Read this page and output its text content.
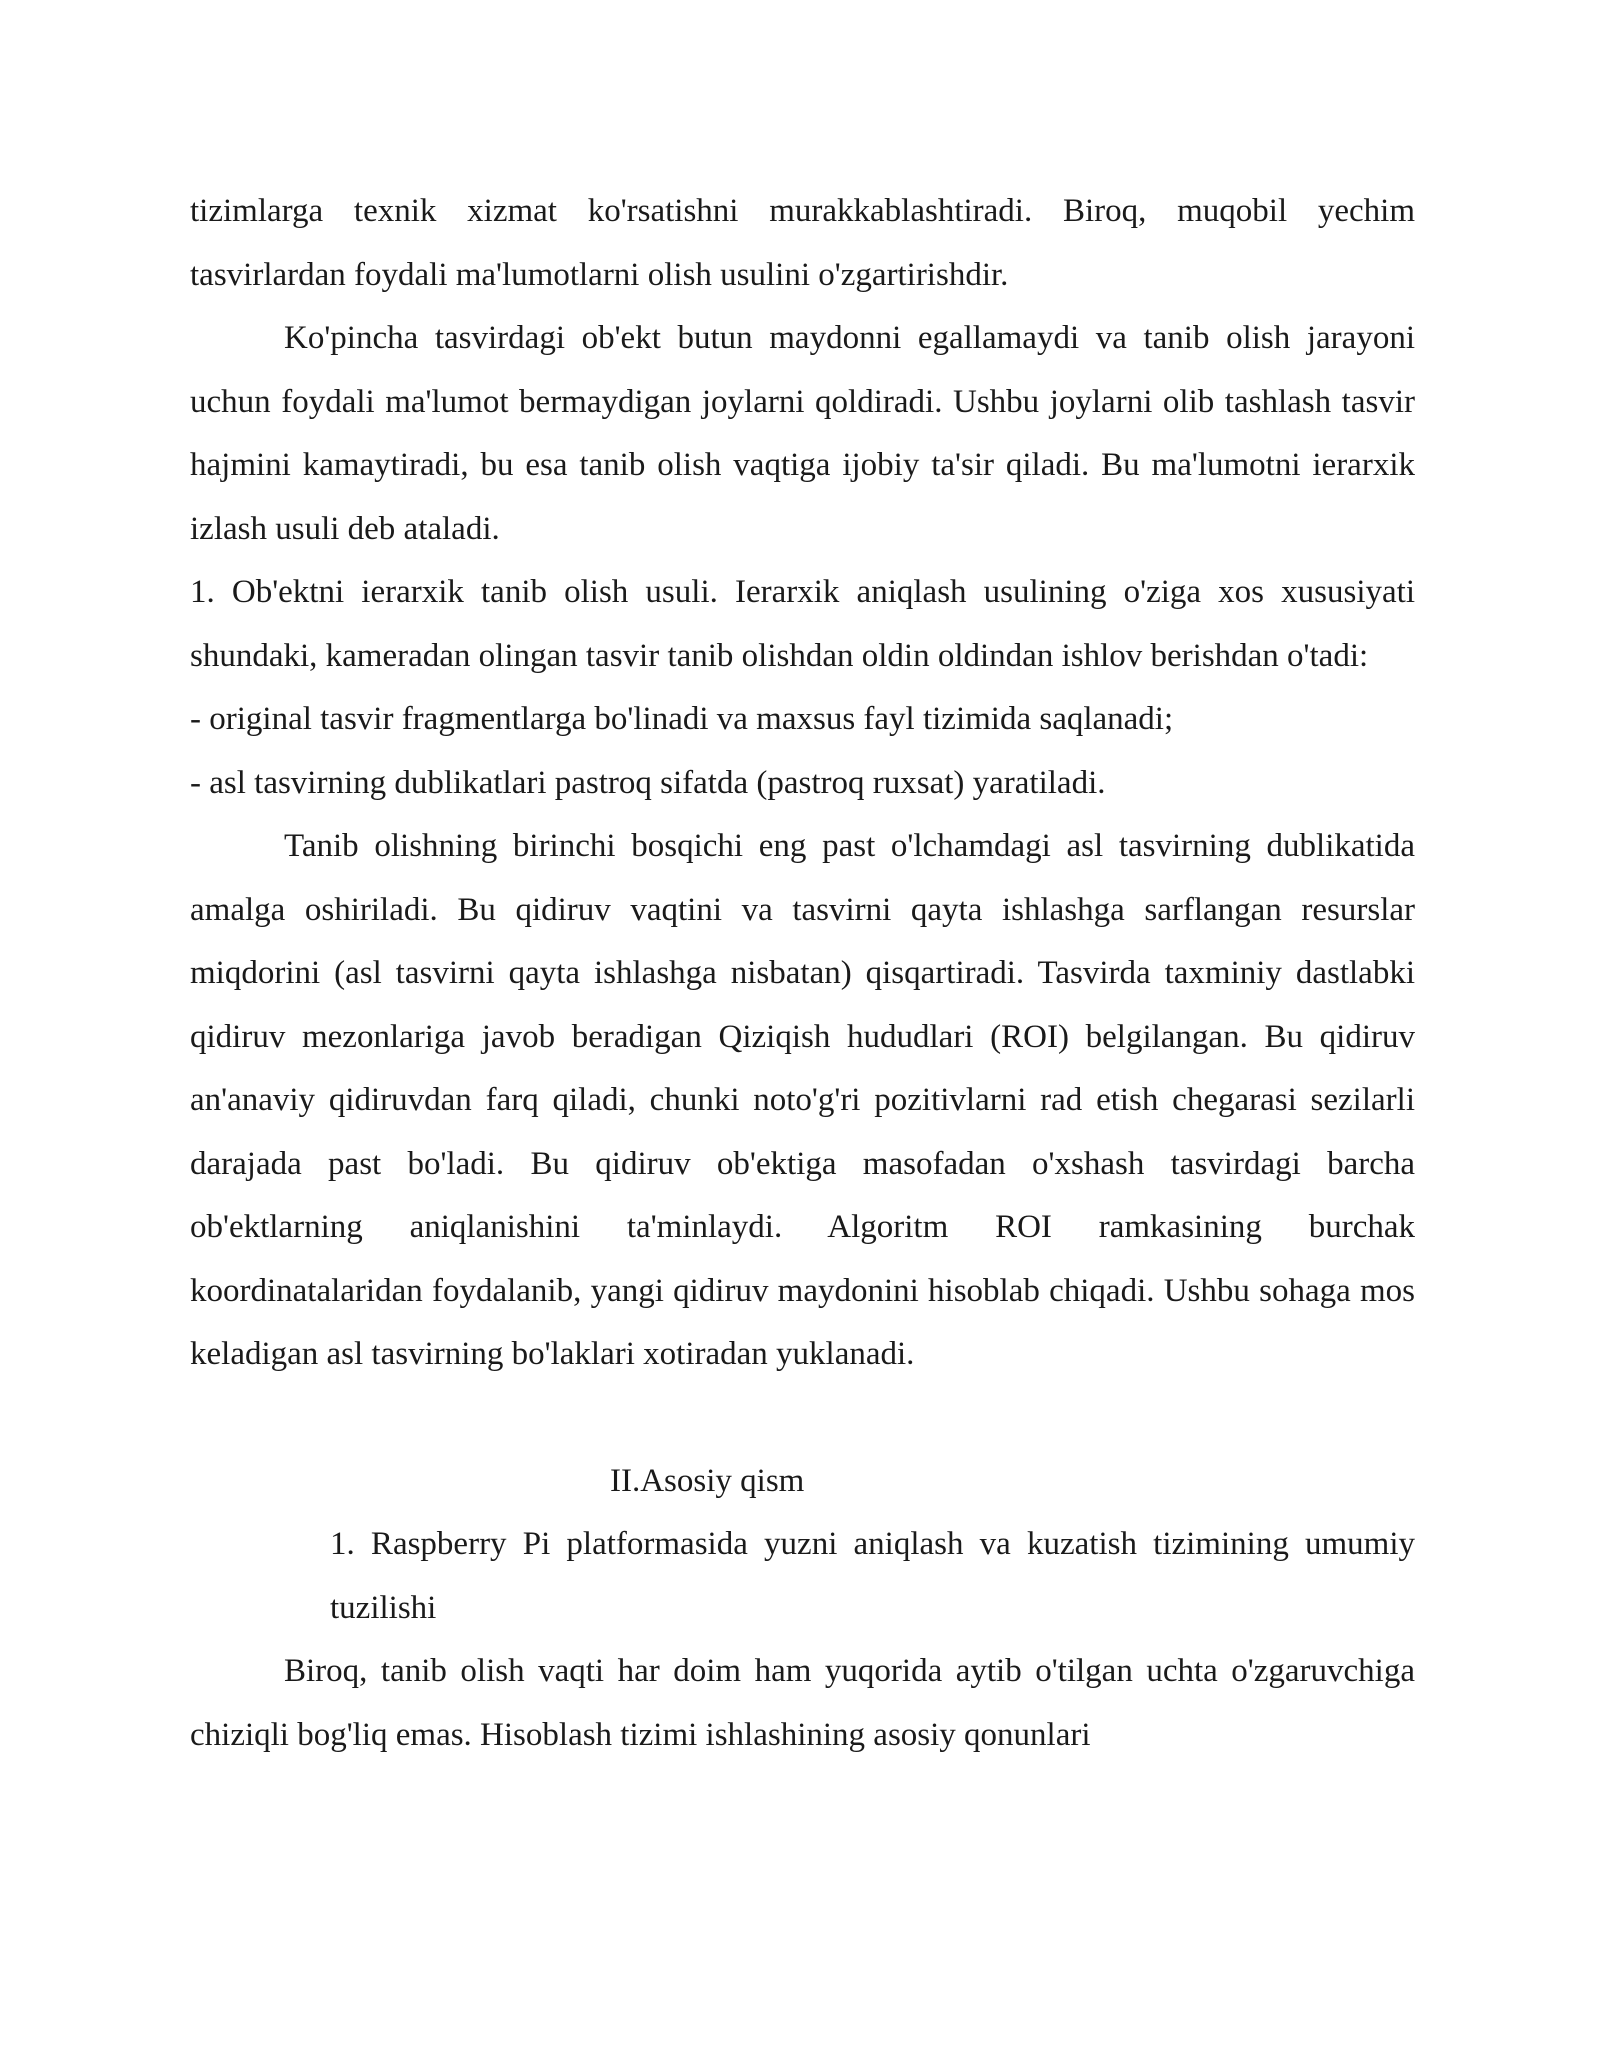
tizimlarga texnik xizmat ko'rsatishni murakkablashtiradi. Biroq, muqobil yechim tasvirlardan foydali ma'lumotlarni olish usulini o'zgartirishdir.

Ko'pincha tasvirdagi ob'ekt butun maydonni egallamaydi va tanib olish jarayoni uchun foydali ma'lumot bermaydigan joylarni qoldiradi. Ushbu joylarni olib tashlash tasvir hajmini kamaytiradi, bu esa tanib olish vaqtiga ijobiy ta'sir qiladi. Bu ma'lumotni ierarxik izlash usuli deb ataladi.

1. Ob'ektni ierarxik tanib olish usuli. Ierarxik aniqlash usulining o'ziga xos xususiyati shundaki, kameradan olingan tasvir tanib olishdan oldin oldindan ishlov berishdan o'tadi:

- original tasvir fragmentlarga bo'linadi va maxsus fayl tizimida saqlanadi;

- asl tasvirning dublikatlari pastroq sifatda (pastroq ruxsat) yaratiladi.

Tanib olishning birinchi bosqichi eng past o'lchamdagi asl tasvirning dublikatida amalga oshiriladi. Bu qidiruv vaqtini va tasvirni qayta ishlashga sarflangan resurslar miqdorini (asl tasvirni qayta ishlashga nisbatan) qisqartiradi. Tasvirda taxminiy dastlabki qidiruv mezonlariga javob beradigan Qiziqish hududlari (ROI) belgilangan. Bu qidiruv an'anaviy qidiruvdan farq qiladi, chunki noto'g'ri pozitivlarni rad etish chegarasi sezilarli darajada past bo'ladi. Bu qidiruv ob'ektiga masofadan o'xshash tasvirdagi barcha ob'ektlarning aniqlanishini ta'minlaydi. Algoritm ROI ramkasining burchak koordinatalaridan foydalanib, yangi qidiruv maydonini hisoblab chiqadi. Ushbu sohaga mos keladigan asl tasvirning bo'laklari xotiradan yuklanadi.

II.Asosiy qism

1. Raspberry Pi platformasida yuzni aniqlash va kuzatish tizimining umumiy tuzilishi

Biroq, tanib olish vaqti har doim ham yuqorida aytib o'tilgan uchta o'zgaruvchiga chiziqli bog'liq emas. Hisoblash tizimi ishlashining asosiy qonunlari
